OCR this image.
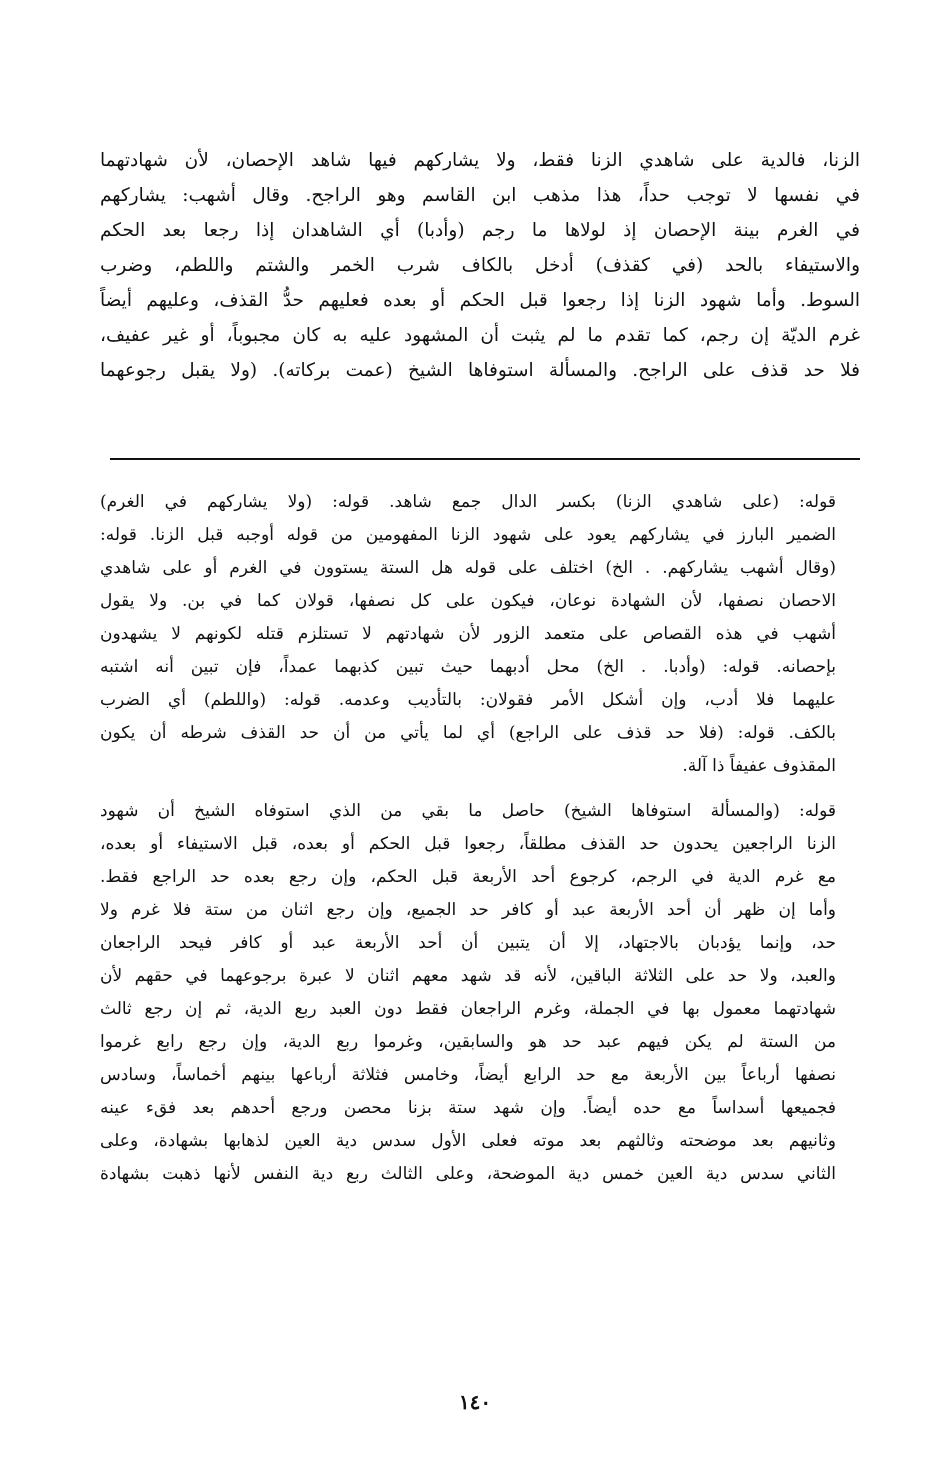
الزنا، فالدية على شاهدي الزنا فقط، ولا يشاركهم فيها شاهد الإحصان، لأن شهادتهما
في نفسها لا توجب حداً، هذا مذهب ابن القاسم وهو الراجح. وقال أشهب: يشاركهم
في الغرم بينة الإحصان إذ لولاها ما رجم (وأدبا) أي الشاهدان إذا رجعا بعد الحكم
والاستيفاء بالحد (في كقذف) أدخل بالكاف شرب الخمر والشتم واللطم، وضرب
السوط. وأما شهود الزنا إذا رجعوا قبل الحكم أو بعده فعليهم حدُّ القذف، وعليهم أيضاً
غرم الديّة إن رجم، كما تقدم ما لم يثبت أن المشهود عليه به كان مجبوباً، أو غير عفيف،
فلا حد قذف على الراجح. والمسألة استوفاها الشيخ (عمت بركاته). (ولا يقبل رجوعهما
قوله: (على شاهدي الزنا) بكسر الدال جمع شاهد. قوله: (ولا يشاركهم في الغرم)
الضمير البارز في يشاركهم يعود على شهود الزنا المفهومين من قوله أوجبه قبل الزنا. قوله:
(وقال أشهب يشاركهم. . الخ) اختلف على قوله هل الستة يستوون في الغرم أو على شاهدي
الاحصان نصفها، لأن الشهادة نوعان، فيكون على كل نصفها، قولان كما في بن. ولا يقول
أشهب في هذه القصاص على متعمد الزور لأن شهادتهم لا تستلزم قتله لكونهم لا يشهدون
بإحصانه. قوله: (وأدبا. . الخ) محل أدبهما حيث تبين كذبهما عمداً، فإن تبين أنه اشتبه
عليهما فلا أدب، وإن أشكل الأمر فقولان: بالتأديب وعدمه. قوله: (واللطم) أي الضرب
بالكف. قوله: (فلا حد قذف على الراجع) أي لما يأتي من أن حد القذف شرطه أن يكون
المقذوف عفيفاً ذا آلة.
قوله: (والمسألة استوفاها الشيخ) حاصل ما بقي من الذي استوفاه الشيخ أن شهود
الزنا الراجعين يحدون حد القذف مطلقاً، رجعوا قبل الحكم أو بعده، قبل الاستيفاء أو بعده،
مع غرم الدية في الرجم، كرجوع أحد الأربعة قبل الحكم، وإن رجع بعده حد الراجع فقط.
وأما إن ظهر أن أحد الأربعة عبد أو كافر حد الجميع، وإن رجع اثنان من ستة فلا غرم ولا
حد، وإنما يؤدبان بالاجتهاد، إلا أن يتبين أن أحد الأربعة عبد أو كافر فيحد الراجعان
والعبد، ولا حد على الثلاثة الباقين، لأنه قد شهد معهم اثنان لا عبرة برجوعهما في حقهم لأن
شهادتهما معمول بها في الجملة، وغرم الراجعان فقط دون العبد ربع الدية، ثم إن رجع ثالث
من الستة لم يكن فيهم عبد حد هو والسابقين، وغرموا ربع الدية، وإن رجع رابع غرموا
نصفها أرباعاً بين الأربعة مع حد الرابع أيضاً، وخامس فثلاثة أرباعها بينهم أخماساً، وسادس
فجميعها أسداساً مع حده أيضاً. وإن شهد ستة بزنا محصن ورجع أحدهم بعد فقء عينه
وثانيهم بعد موضحته وثالثهم بعد موته فعلى الأول سدس دية العين لذهابها بشهادة، وعلى
الثاني سدس دية العين خمس دية الموضحة، وعلى الثالث ربع دية النفس لأنها ذهبت بشهادة
١٤٠
